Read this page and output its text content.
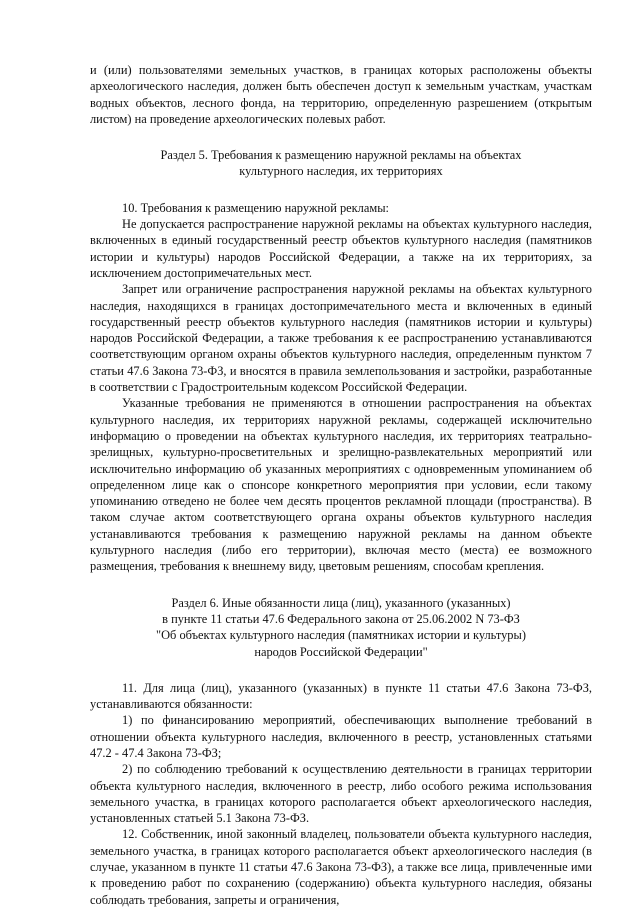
и (или) пользователями земельных участков, в границах которых расположены объекты археологического наследия, должен быть обеспечен доступ к земельным участкам, участкам водных объектов, лесного фонда, на территорию, определенную разрешением (открытым листом) на проведение археологических полевых работ.

Раздел 5. Требования к размещению наружной рекламы на объектах

культурного наследия, их территориях

10. Требования к размещению наружной рекламы:

Не допускается распространение наружной рекламы на объектах культурного наследия, включенных в единый государственный реестр объектов культурного наследия (памятников истории и культуры) народов Российской Федерации, а также на их территориях, за исключением достопримечательных мест.

Запрет или ограничение распространения наружной рекламы на объектах культурного наследия, находящихся в границах достопримечательного места и включенных в единый государственный реестр объектов культурного наследия (памятников истории и культуры) народов Российской Федерации, а также требования к ее распространению устанавливаются соответствующим органом охраны объектов культурного наследия, определенным пунктом 7 статьи 47.6 Закона 73-ФЗ, и вносятся в правила землепользования и застройки, разработанные в соответствии с Градостроительным кодексом Российской Федерации.

Указанные требования не применяются в отношении распространения на объектах культурного наследия, их территориях наружной рекламы, содержащей исключительно информацию о проведении на объектах культурного наследия, их территориях театрально-зрелищных, культурно-просветительных и зрелищно-развлекательных мероприятий или исключительно информацию об указанных мероприятиях с одновременным упоминанием об определенном лице как о спонсоре конкретного мероприятия при условии, если такому упоминанию отведено не более чем десять процентов рекламной площади (пространства). В таком случае актом соответствующего органа охраны объектов культурного наследия устанавливаются требования к размещению наружной рекламы на данном объекте культурного наследия (либо его территории), включая место (места) ее возможного размещения, требования к внешнему виду, цветовым решениям, способам крепления.

Раздел 6. Иные обязанности лица (лиц), указанного (указанных)

в пункте 11 статьи 47.6 Федерального закона от 25.06.2002 N 73-ФЗ

"Об объектах культурного наследия (памятниках истории и культуры)

народов Российской Федерации"

11. Для лица (лиц), указанного (указанных) в пункте 11 статьи 47.6 Закона 73-ФЗ, устанавливаются обязанности:

1) по финансированию мероприятий, обеспечивающих выполнение требований в отношении объекта культурного наследия, включенного в реестр, установленных статьями 47.2 - 47.4 Закона 73-ФЗ;

2) по соблюдению требований к осуществлению деятельности в границах территории объекта культурного наследия, включенного в реестр, либо особого режима использования земельного участка, в границах которого располагается объект археологического наследия, установленных статьей 5.1 Закона 73-ФЗ.

12. Собственник, иной законный владелец, пользователи объекта культурного наследия, земельного участка, в границах которого располагается объект археологического наследия (в случае, указанном в пункте 11 статьи 47.6 Закона 73-ФЗ), а также все лица, привлеченные ими к проведению работ по сохранению (содержанию) объекта культурного наследия, обязаны соблюдать требования, запреты и ограничения,
